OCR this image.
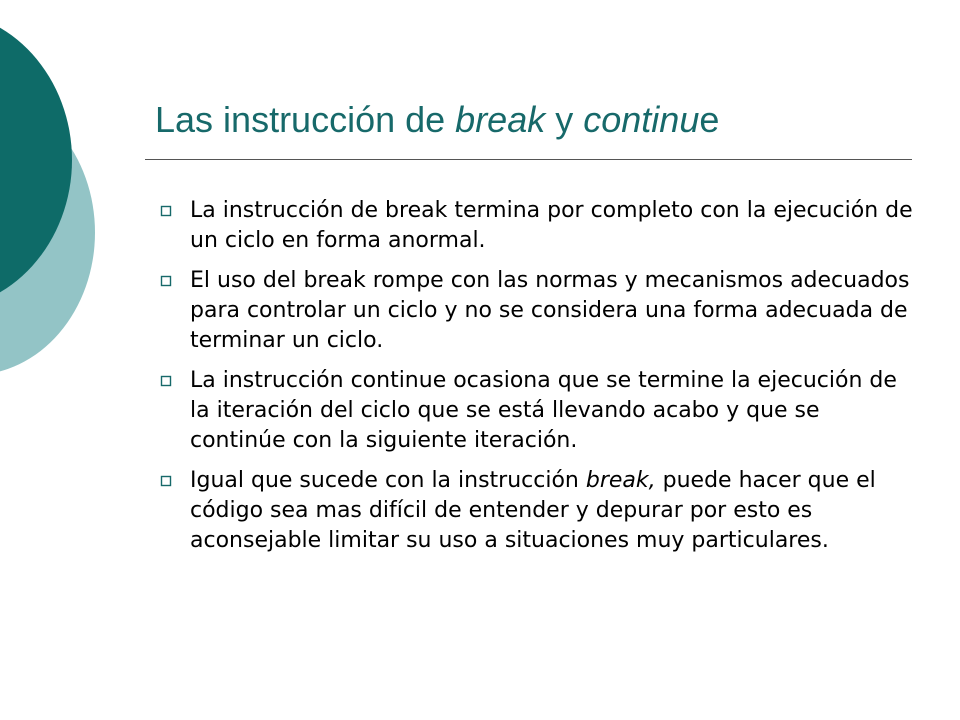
Las instrucción de break y continue
La instrucción de break termina por completo con la ejecución de un ciclo en forma anormal.
El uso del break rompe con las normas y mecanismos adecuados para controlar un ciclo y no se considera una forma adecuada de terminar un ciclo.
La instrucción continue ocasiona que se termine la ejecución de la iteración del ciclo que se está llevando acabo y que se continúe con la siguiente iteración.
Igual que sucede con la instrucción break, puede hacer que el código sea mas difícil de entender y depurar por esto es aconsejable limitar su uso a situaciones muy particulares.
